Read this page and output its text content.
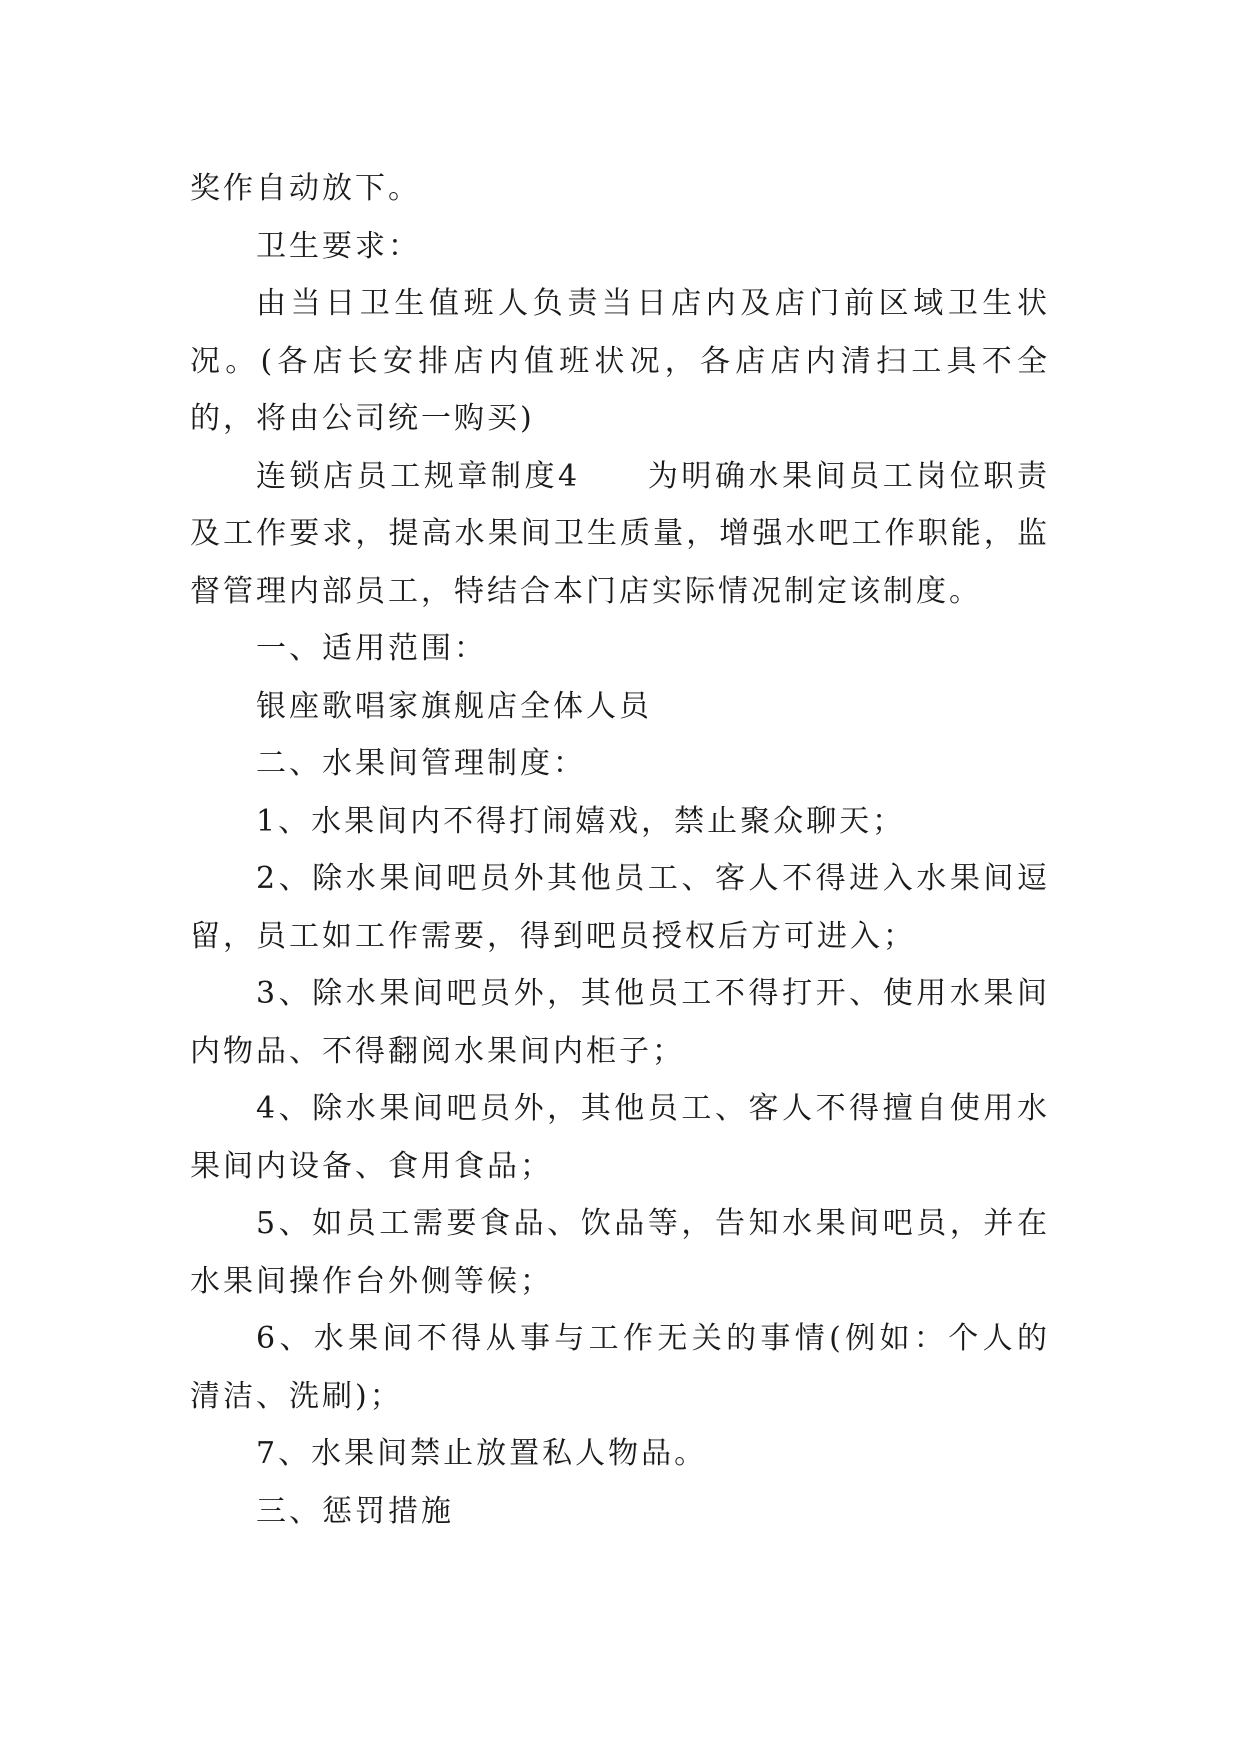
奖作自动放下。

卫生要求：

由当日卫生值班人负责当日店内及店门前区域卫生状况。(各店长安排店内值班状况，各店店内清扫工具不全的，将由公司统一购买)

连锁店员工规章制度4　　为明确水果间员工岗位职责及工作要求，提高水果间卫生质量，增强水吧工作职能，监督管理内部员工，特结合本门店实际情况制定该制度。

一、适用范围：

银座歌唱家旗舰店全体人员

二、水果间管理制度：

1、水果间内不得打闹嬉戏，禁止聚众聊天；

2、除水果间吧员外其他员工、客人不得进入水果间逗留，员工如工作需要，得到吧员授权后方可进入；

3、除水果间吧员外，其他员工不得打开、使用水果间内物品、不得翻阅水果间内柜子；

4、除水果间吧员外，其他员工、客人不得擅自使用水果间内设备、食用食品；

5、如员工需要食品、饮品等，告知水果间吧员，并在水果间操作台外侧等候；

6、水果间不得从事与工作无关的事情(例如：个人的清洁、洗刷)；

7、水果间禁止放置私人物品。

三、惩罚措施
